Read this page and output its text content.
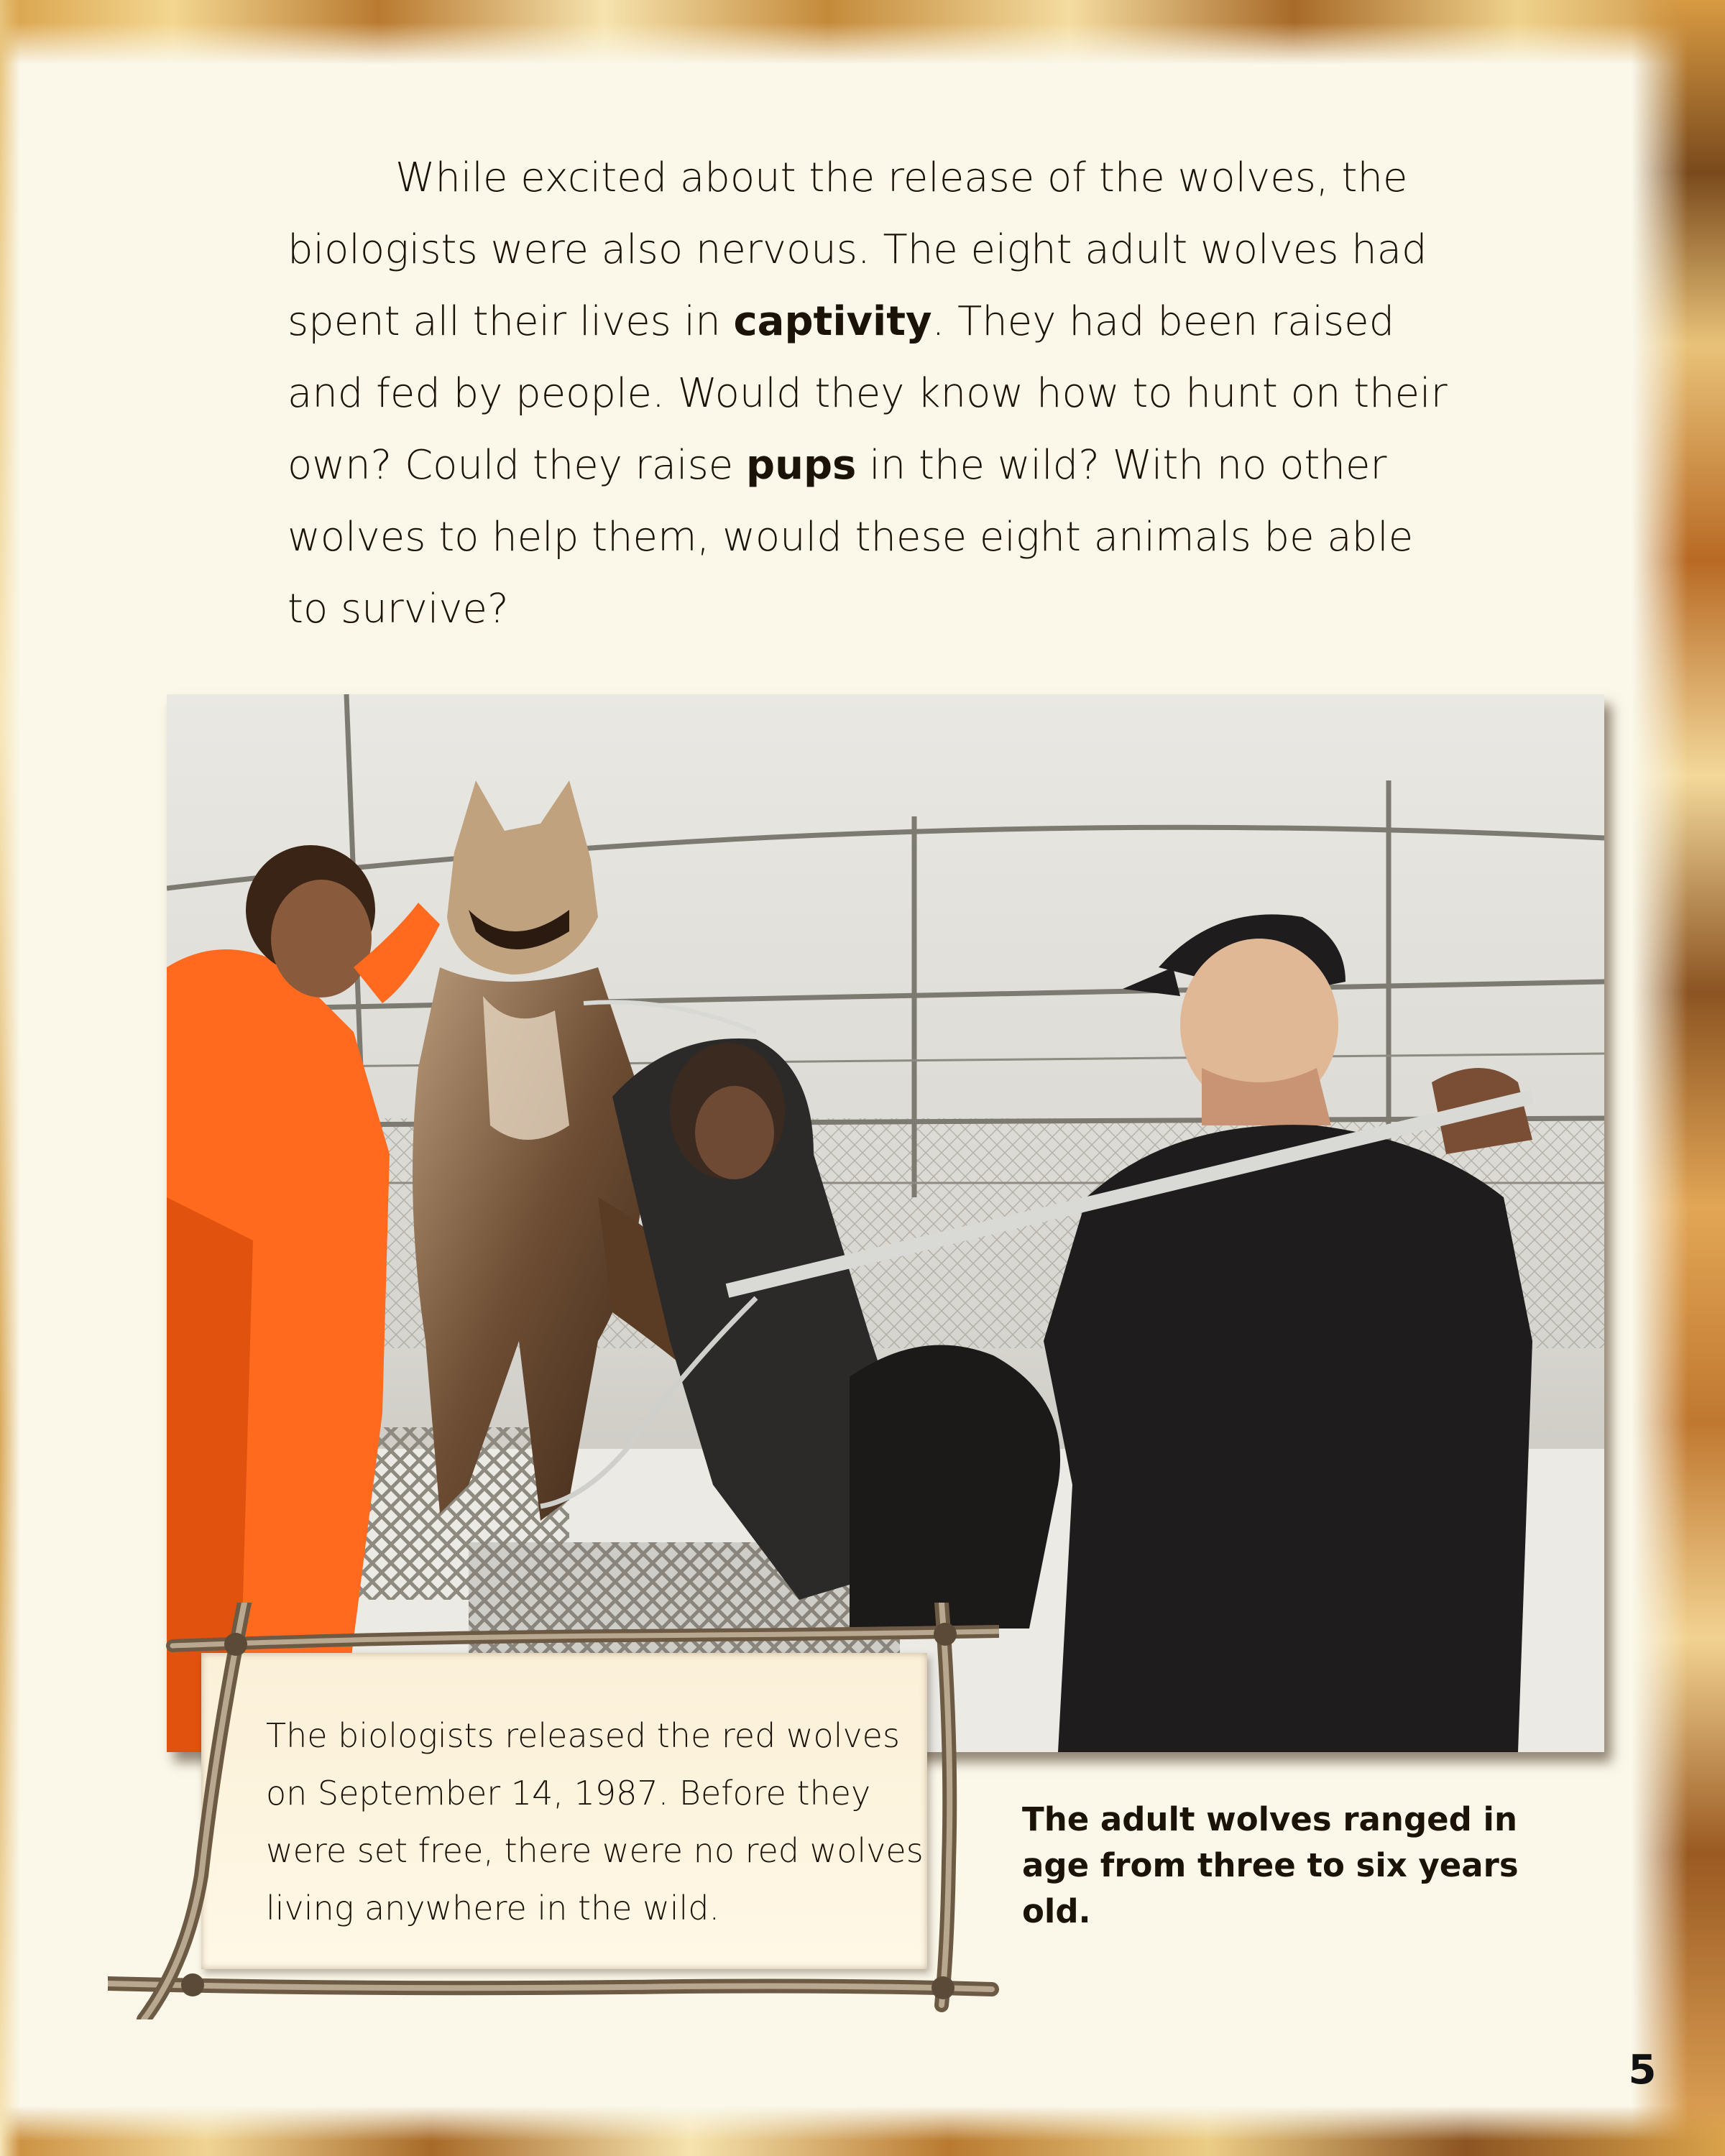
While excited about the release of the wolves, the biologists were also nervous. The eight adult wolves had spent all their lives in captivity. They had been raised and fed by people. Would they know how to hunt on their own? Could they raise pups in the wild? With no other wolves to help them, would these eight animals be able to survive?

The adult wolves ranged in age from three to six years old.

The biologists released the red wolves on September 14, 1987. Before they were set free, there were no red wolves living anywhere in the wild.

5
